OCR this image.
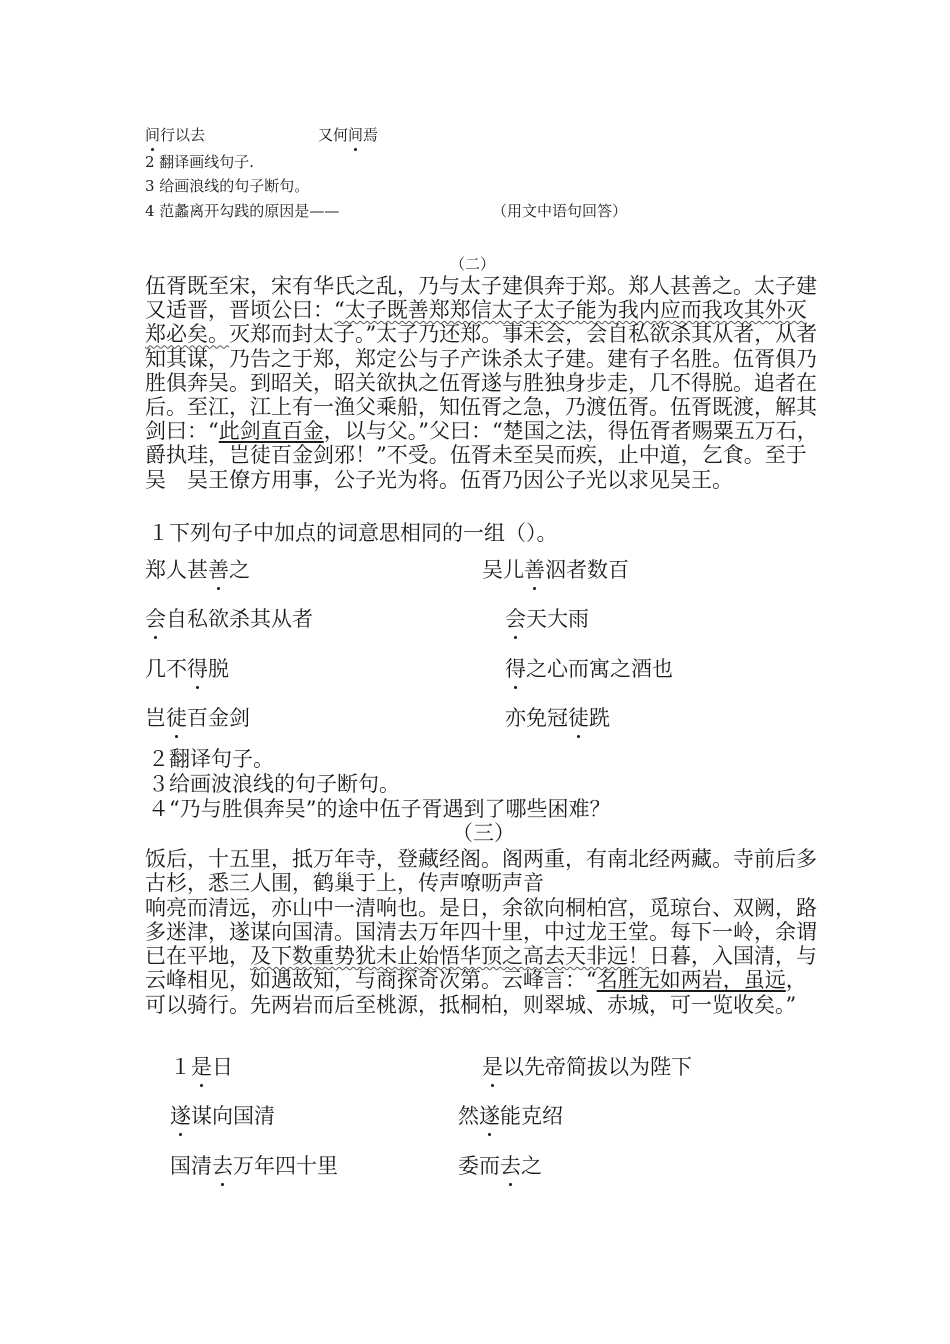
间行以去	又何间焉
2 翻译画线句子.
3 给画浪线的句子断句。
4 范蠡离开勾践的原因是——	（用文中语句回答）
（二）

伍胥既至宋，宋有华氏之乱，乃与太子建俱奔于郑。郑人甚善之。太子建又适晋，晋顷公曰：“太子既善郑郑信太子太子能为我内应而我攻其外灭郑必矣。灭郑而封太子。”太子乃还郑。事未会，会自私欲杀其从者，从者知其谋，乃告之于郑，郑定公与子产诛杀太子建。建有子名胜。伍胥俱乃胜俱奔吴。到昭关，昭关欲执之伍胥遂与胜独身步走，几不得脱。追者在后。至江，江上有一渔父乘船，知伍胥之急，乃渡伍胥。伍胥既渡，解其剑曰：“此剑直百金，以与父。”父曰：“楚国之法，得伍胥者赐粟五万石，爵执珪，岂徒百金剑邪！”不受。伍胥未至吴而疾，止中道，乞食。至于吴　吴王僚方用事，公子光为将。伍胥乃因公子光以求见吴王。

１下列句子中加点的词意思相同的一组（）。
郑人甚善之	吴儿善泅者数百
会自私欲杀其从者	会天大雨
几不得脱	得之心而寓之酒也
岂徒百金剑	亦免冠徒跣
２翻译句子。
３给画波浪线的句子断句。
４“乃与胜俱奔吴”的途中伍子胥遇到了哪些困难？
（三）

饭后，十五里，抵万年寺，登藏经阁。阁两重，有南北经两藏。寺前后多古杉，悉三人围，鹤巢于上，传声嘹呖声音

响亮而清远，亦山中一清响也。是日，余欲向桐柏宫，觅琼台、双阙，路多迷津，遂谋向国清。国清去万年四十里，中过龙王堂。每下一岭，余谓已在平地，及下数重势犹未止始悟华顶之高去天非远！日暮，入国清，与云峰相见，如遇故知，与商探奇次第。云峰言：“名胜无如两岩，虽远，可以骑行。先两岩而后至桃源，抵桐柏，则翠城、赤城，可一览收矣。”

１是日	是以先帝简拔以为陛下
遂谋向国清	然遂能克绍
国清去万年四十里	委而去之
